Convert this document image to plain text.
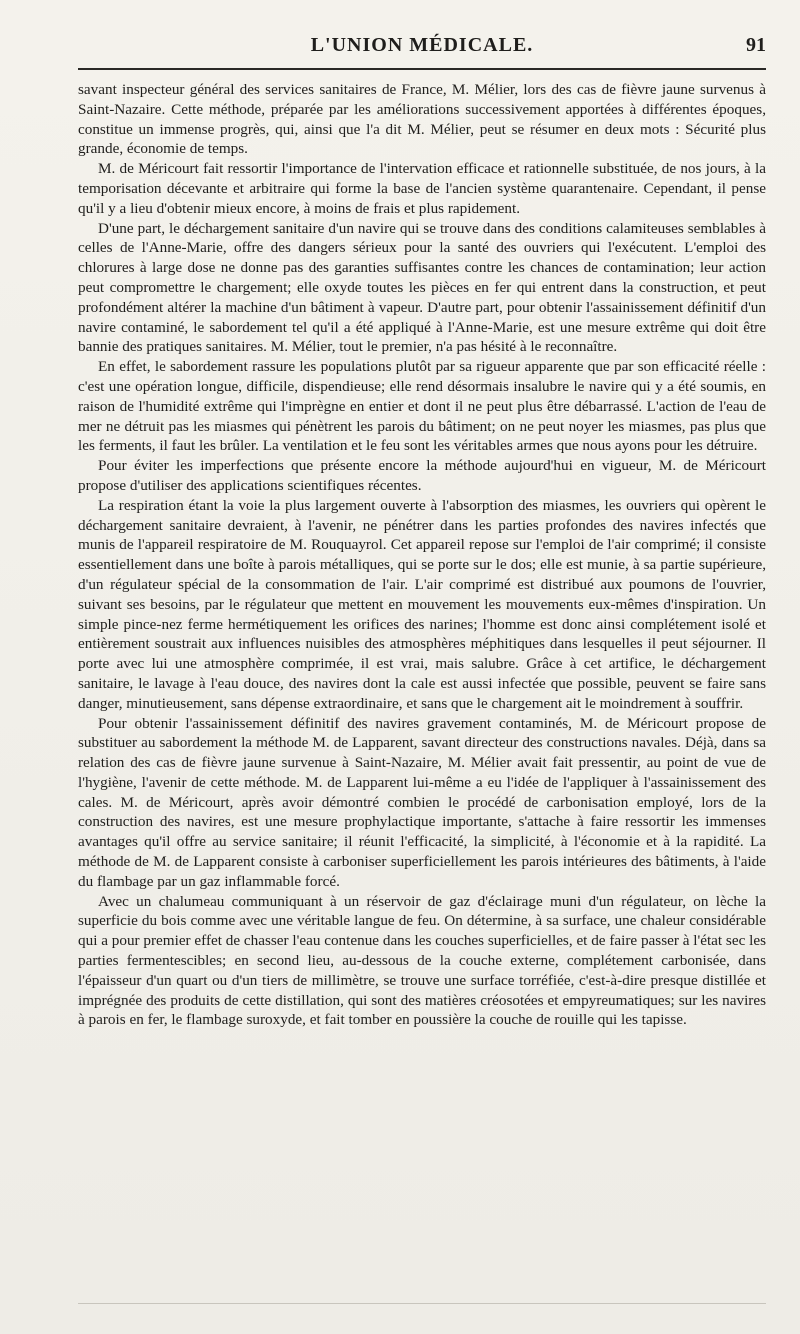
L'UNION MÉDICALE.	91

savant inspecteur général des services sanitaires de France, M. Mélier, lors des cas de fièvre jaune survenus à Saint-Nazaire. Cette méthode, préparée par les améliorations successivement apportées à différentes époques, constitue un immense progrès, qui, ainsi que l'a dit M. Mélier, peut se résumer en deux mots : Sécurité plus grande, économie de temps.

M. de Méricourt fait ressortir l'importance de l'intervation efficace et rationnelle substituée, de nos jours, à la temporisation décevante et arbitraire qui forme la base de l'ancien système quarantenaire. Cependant, il pense qu'il y a lieu d'obtenir mieux encore, à moins de frais et plus rapidement.

D'une part, le déchargement sanitaire d'un navire qui se trouve dans des conditions calamiteuses semblables à celles de l'Anne-Marie, offre des dangers sérieux pour la santé des ouvriers qui l'exécutent. L'emploi des chlorures à large dose ne donne pas des garanties suffisantes contre les chances de contamination; leur action peut compromettre le chargement; elle oxyde toutes les pièces en fer qui entrent dans la construction, et peut profondément altérer la machine d'un bâtiment à vapeur. D'autre part, pour obtenir l'assainissement définitif d'un navire contaminé, le sabordement tel qu'il a été appliqué à l'Anne-Marie, est une mesure extrême qui doit être bannie des pratiques sanitaires. M. Mélier, tout le premier, n'a pas hésité à le reconnaître.

En effet, le sabordement rassure les populations plutôt par sa rigueur apparente que par son efficacité réelle : c'est une opération longue, difficile, dispendieuse; elle rend désormais insalubre le navire qui y a été soumis, en raison de l'humidité extrême qui l'imprègne en entier et dont il ne peut plus être débarrassé. L'action de l'eau de mer ne détruit pas les miasmes qui pénètrent les parois du bâtiment; on ne peut noyer les miasmes, pas plus que les ferments, il faut les brûler. La ventilation et le feu sont les véritables armes que nous ayons pour les détruire.

Pour éviter les imperfections que présente encore la méthode aujourd'hui en vigueur, M. de Méricourt propose d'utiliser des applications scientifiques récentes.

La respiration étant la voie la plus largement ouverte à l'absorption des miasmes, les ouvriers qui opèrent le déchargement sanitaire devraient, à l'avenir, ne pénétrer dans les parties profondes des navires infectés que munis de l'appareil respiratoire de M. Rouquayrol. Cet appareil repose sur l'emploi de l'air comprimé; il consiste essentiellement dans une boîte à parois métalliques, qui se porte sur le dos; elle est munie, à sa partie supérieure, d'un régulateur spécial de la consommation de l'air. L'air comprimé est distribué aux poumons de l'ouvrier, suivant ses besoins, par le régulateur que mettent en mouvement les mouvements eux-mêmes d'inspiration. Un simple pince-nez ferme hermétiquement les orifices des narines; l'homme est donc ainsi complétement isolé et entièrement soustrait aux influences nuisibles des atmosphères méphitiques dans lesquelles il peut séjourner. Il porte avec lui une atmosphère comprimée, il est vrai, mais salubre. Grâce à cet artifice, le déchargement sanitaire, le lavage à l'eau douce, des navires dont la cale est aussi infectée que possible, peuvent se faire sans danger, minutieusement, sans dépense extraordinaire, et sans que le chargement ait le moindrement à souffrir.

Pour obtenir l'assainissement définitif des navires gravement contaminés, M. de Méricourt propose de substituer au sabordement la méthode M. de Lapparent, savant directeur des constructions navales. Déjà, dans sa relation des cas de fièvre jaune survenue à Saint-Nazaire, M. Mélier avait fait pressentir, au point de vue de l'hygiène, l'avenir de cette méthode. M. de Lapparent lui-même a eu l'idée de l'appliquer à l'assainissement des cales. M. de Méricourt, après avoir démontré combien le procédé de carbonisation employé, lors de la construction des navires, est une mesure prophylactique importante, s'attache à faire ressortir les immenses avantages qu'il offre au service sanitaire; il réunit l'efficacité, la simplicité, à l'économie et à la rapidité. La méthode de M. de Lapparent consiste à carboniser superficiellement les parois intérieures des bâtiments, à l'aide du flambage par un gaz inflammable forcé.

Avec un chalumeau communiquant à un réservoir de gaz d'éclairage muni d'un régulateur, on lèche la superficie du bois comme avec une véritable langue de feu. On détermine, à sa surface, une chaleur considérable qui a pour premier effet de chasser l'eau contenue dans les couches superficielles, et de faire passer à l'état sec les parties fermentescibles; en second lieu, au-dessous de la couche externe, complétement carbonisée, dans l'épaisseur d'un quart ou d'un tiers de millimètre, se trouve une surface torréfiée, c'est-à-dire presque distillée et imprégnée des produits de cette distillation, qui sont des matières créosotées et empyreumatiques; sur les navires à parois en fer, le flambage suroxyde, et fait tomber en poussière la couche de rouille qui les tapisse.
